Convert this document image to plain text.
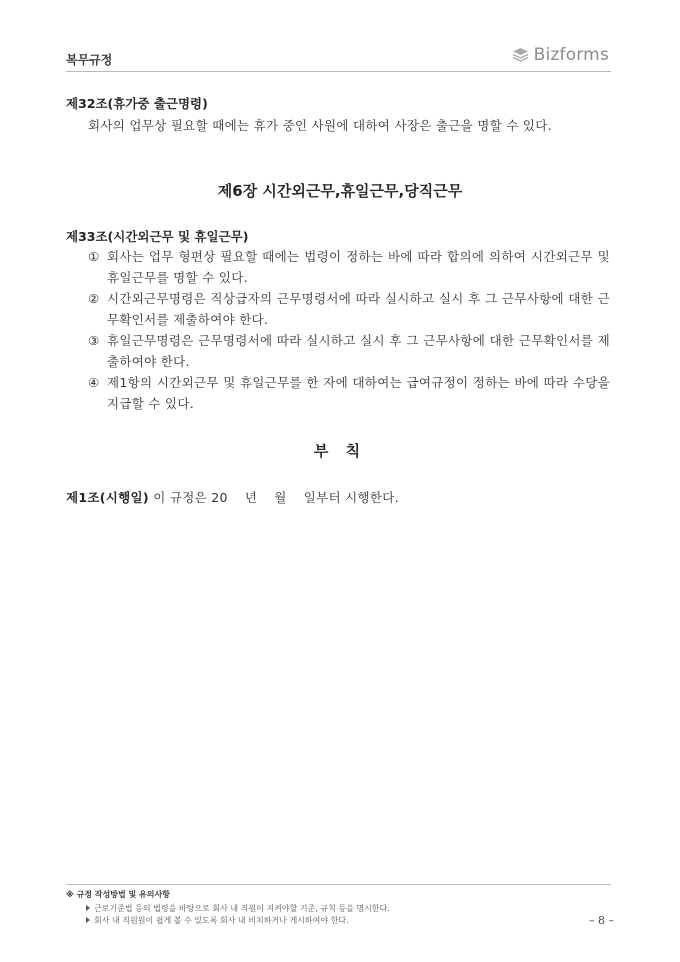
복무규정	Bizforms
제32조(휴가중 출근명령)
회사의 업무상 필요할 때에는 휴가 중인 사원에 대하여 사장은 출근을 명할 수 있다.
제6장 시간외근무,휴일근무,당직근무
제33조(시간외근무 및 휴일근무)
① 회사는 업무 형편상 필요할 때에는 법령이 정하는 바에 따라 합의에 의하여 시간외근무 및 휴일근무를 명할 수 있다.
② 시간외근무명령은 직상급자의 근무명령서에 따라 실시하고 실시 후 그 근무사항에 대한 근무확인서를 제출하여야 한다.
③ 휴일근무명령은 근무명령서에 따라 실시하고 실시 후 그 근무사항에 대한 근무확인서를 제출하여야 한다.
④ 제1항의 시간외근무 및 휴일근무를 한 자에 대하여는 급여규정이 정하는 바에 따라 수당을 지급할 수 있다.
부 칙
제1조(시행일) 이 규정은 20    년    월    일부터 시행한다.
※ 규정 작성방법 및 유의사항
근로기준법 등의 법령을 바탕으로 회사 내 직원이 지켜야할 기준, 규칙 등을 명시한다.
회사 내 직원원이 쉽게 볼 수 있도록 회사 내 비치하거나 게시하여야 한다.	– 8 –
